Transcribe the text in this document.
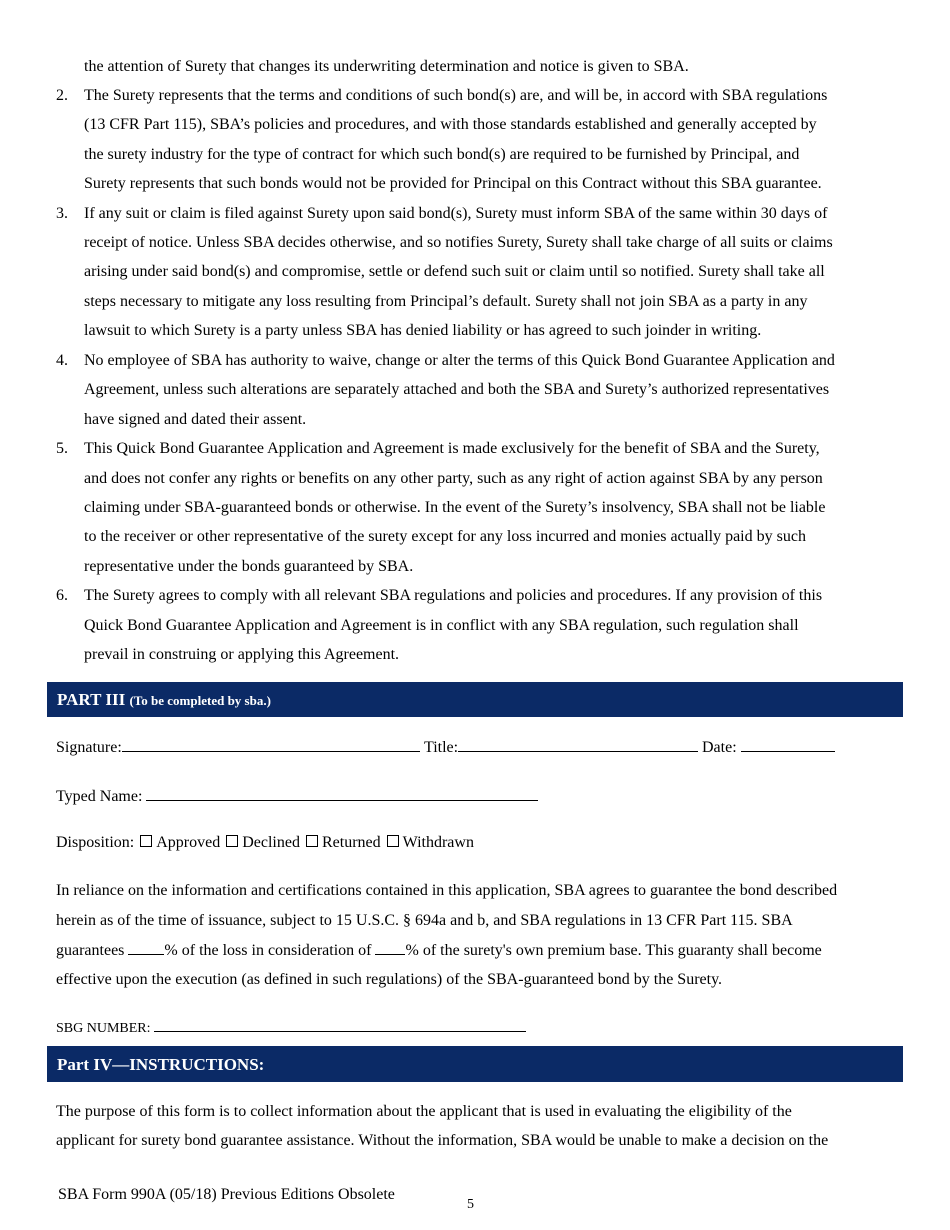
the attention of Surety that changes its underwriting determination and notice is given to SBA.
2. The Surety represents that the terms and conditions of such bond(s) are, and will be, in accord with SBA regulations
(13 CFR Part 115), SBA’s policies and procedures, and with those standards established and generally accepted by
the surety industry for the type of contract for which such bond(s) are required to be furnished by Principal, and
Surety represents that such bonds would not be provided for Principal on this Contract without this SBA guarantee.
3. If any suit or claim is filed against Surety upon said bond(s), Surety must inform SBA of the same within 30 days of
receipt of notice. Unless SBA decides otherwise, and so notifies Surety, Surety shall take charge of all suits or claims
arising under said bond(s) and compromise, settle or defend such suit or claim until so notified. Surety shall take all
steps necessary to mitigate any loss resulting from Principal’s default. Surety shall not join SBA as a party in any
lawsuit to which Surety is a party unless SBA has denied liability or has agreed to such joinder in writing.
4. No employee of SBA has authority to waive, change or alter the terms of this Quick Bond Guarantee Application and
Agreement, unless such alterations are separately attached and both the SBA and Surety’s authorized representatives
have signed and dated their assent.
5. This Quick Bond Guarantee Application and Agreement is made exclusively for the benefit of SBA and the Surety,
and does not confer any rights or benefits on any other party, such as any right of action against SBA by any person
claiming under SBA-guaranteed bonds or otherwise. In the event of the Surety’s insolvency, SBA shall not be liable
to the receiver or other representative of the surety except for any loss incurred and monies actually paid by such
representative under the bonds guaranteed by SBA.
6. The Surety agrees to comply with all relevant SBA regulations and policies and procedures. If any provision of this
Quick Bond Guarantee Application and Agreement is in conflict with any SBA regulation, such regulation shall
prevail in construing or applying this Agreement.
PART III (To be completed by sba.)
Signature:	Title:	Date:
Typed Name:
Disposition: Approved Declined Returned Withdrawn
In reliance on the information and certifications contained in this application, SBA agrees to guarantee the bond described
herein as of the time of issuance, subject to 15 U.S.C. § 694a and b, and SBA regulations in 13 CFR Part 115. SBA
guarantees	% of the loss in consideration of % of the surety's own premium base. This guaranty shall become
effective upon the execution (as defined in such regulations) of the SBA-guaranteed bond by the Surety.
SBG NUMBER:
Part IV—INSTRUCTIONS:
The purpose of this form is to collect information about the applicant that is used in evaluating the eligibility of the
applicant for surety bond guarantee assistance. Without the information, SBA would be unable to make a decision on the
SBA Form 990A (05/18) Previous Editions Obsolete
5
